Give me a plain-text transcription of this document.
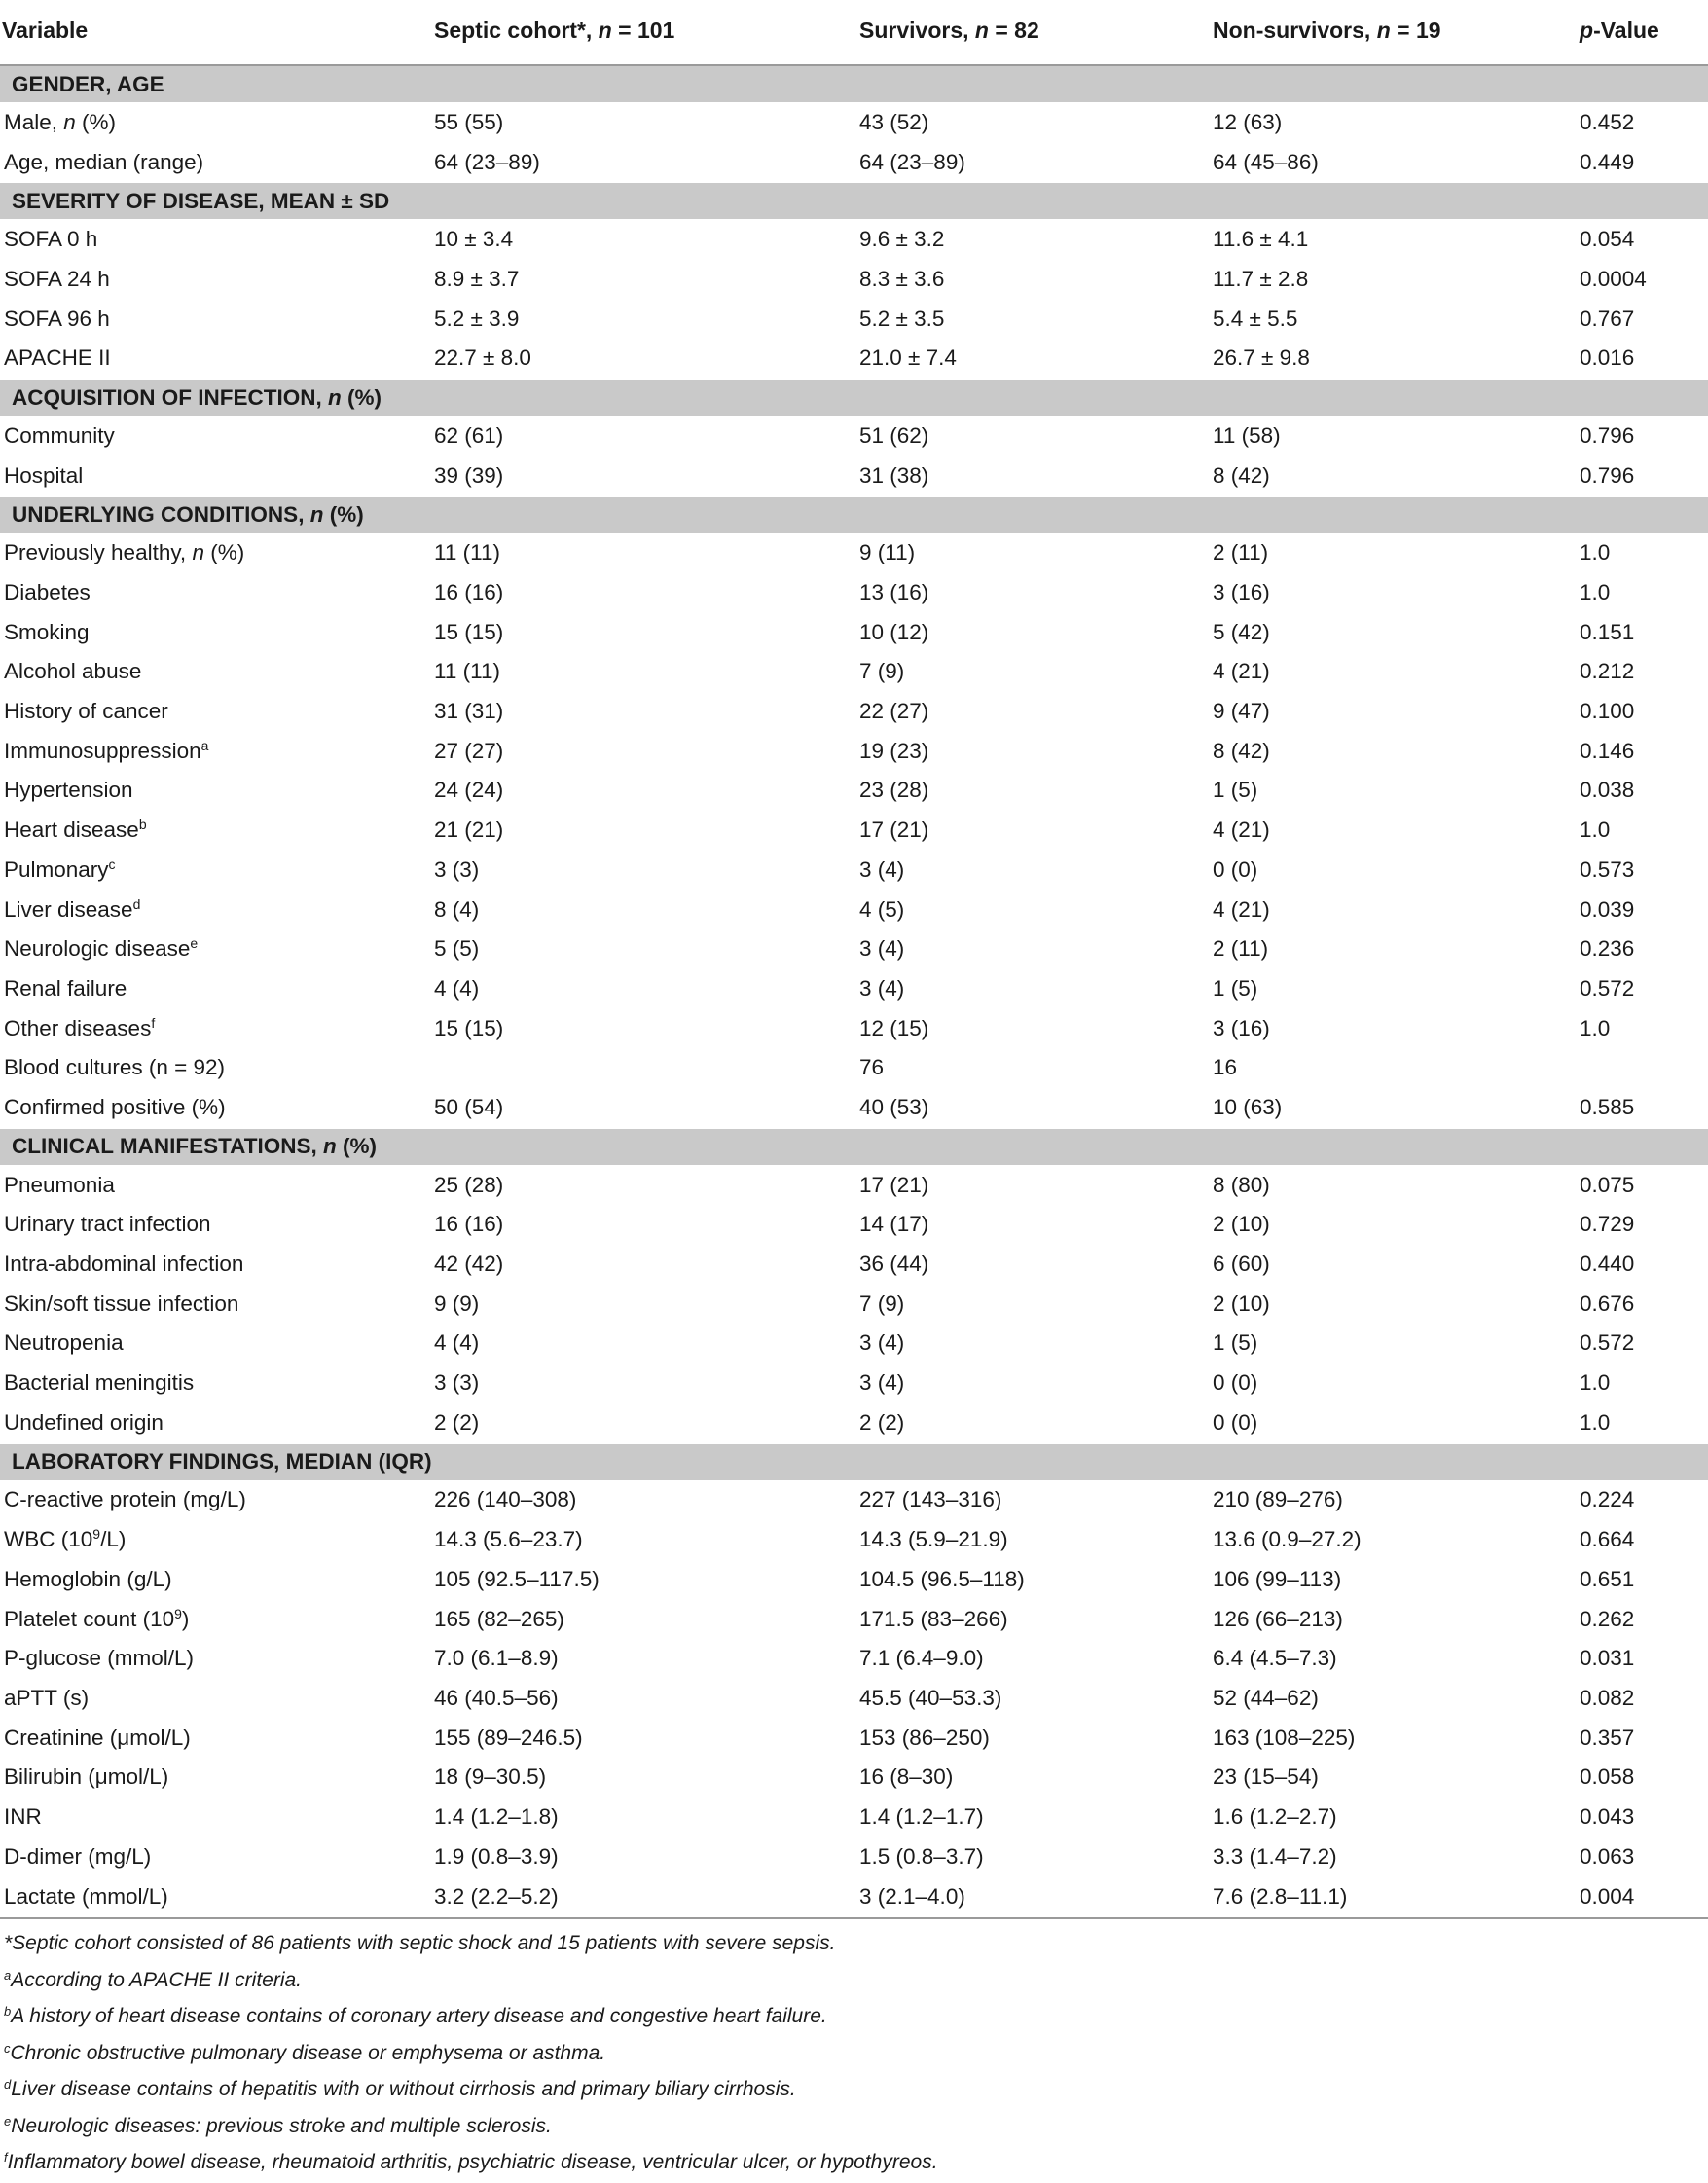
Variable	Septic cohort*, n = 101	Survivors, n = 82	Non-survivors, n = 19	p-Value
GENDER, AGE				
Male, n (%)	55 (55)	43 (52)	12 (63)	0.452
Age, median (range)	64 (23–89)	64 (23–89)	64 (45–86)	0.449
SEVERITY OF DISEASE, MEAN ± SD				
SOFA 0 h	10 ± 3.4	9.6 ± 3.2	11.6 ± 4.1	0.054
SOFA 24 h	8.9 ± 3.7	8.3 ± 3.6	11.7 ± 2.8	0.0004
SOFA 96 h	5.2 ± 3.9	5.2 ± 3.5	5.4 ± 5.5	0.767
APACHE II	22.7 ± 8.0	21.0 ± 7.4	26.7 ± 9.8	0.016
ACQUISITION OF INFECTION, n (%)				
Community	62 (61)	51 (62)	11 (58)	0.796
Hospital	39 (39)	31 (38)	8 (42)	0.796
UNDERLYING CONDITIONS, n (%)				
Previously healthy, n (%)	11 (11)	9 (11)	2 (11)	1.0
Diabetes	16 (16)	13 (16)	3 (16)	1.0
Smoking	15 (15)	10 (12)	5 (42)	0.151
Alcohol abuse	11 (11)	7 (9)	4 (21)	0.212
History of cancer	31 (31)	22 (27)	9 (47)	0.100
Immunosuppression$^a$	27 (27)	19 (23)	8 (42)	0.146
Hypertension	24 (24)	23 (28)	1 (5)	0.038
Heart disease$^b$	21 (21)	17 (21)	4 (21)	1.0
Pulmonary$^c$	3 (3)	3 (4)	0 (0)	0.573
Liver disease$^d$	8 (4)	4 (5)	4 (21)	0.039
Neurologic disease$^e$	5 (5)	3 (4)	2 (11)	0.236
Renal failure	4 (4)	3 (4)	1 (5)	0.572
Other diseases$^f$	15 (15)	12 (15)	3 (16)	1.0
Blood cultures (n = 92)		76	16	
Confirmed positive (%)	50 (54)	40 (53)	10 (63)	0.585
CLINICAL MANIFESTATIONS, n (%)				
Pneumonia	25 (28)	17 (21)	8 (80)	0.075
Urinary tract infection	16 (16)	14 (17)	2 (10)	0.729
Intra-abdominal infection	42 (42)	36 (44)	6 (60)	0.440
Skin/soft tissue infection	9 (9)	7 (9)	2 (10)	0.676
Neutropenia	4 (4)	3 (4)	1 (5)	0.572
Bacterial meningitis	3 (3)	3 (4)	0 (0)	1.0
Undefined origin	2 (2)	2 (2)	0 (0)	1.0
LABORATORY FINDINGS, MEDIAN (IQR)				
C-reactive protein (mg/L)	226 (140–308)	227 (143–316)	210 (89–276)	0.224
WBC $(10^9/L)$	14.3 (5.6–23.7)	14.3 (5.9–21.9)	13.6 (0.9–27.2)	0.664
Hemoglobin (g/L)	105 (92.5–117.5)	104.5 (96.5–118)	106 (99–113)	0.651
Platelet count $(10^9)$	165 (82–265)	171.5 (83–266)	126 (66–213)	0.262
P-glucose (mmol/L)	7.0 (6.1–8.9)	7.1 (6.4–9.0)	6.4 (4.5–7.3)	0.031
aPTT (s)	46 (40.5–56)	45.5 (40–53.3)	52 (44–62)	0.082
Creatinine (μmol/L)	155 (89–246.5)	153 (86–250)	163 (108–225)	0.357
Bilirubin (μmol/L)	18 (9–30.5)	16 (8–30)	23 (15–54)	0.058
INR	1.4 (1.2–1.8)	1.4 (1.2–1.7)	1.6 (1.2–2.7)	0.043
D-dimer (mg/L)	1.9 (0.8–3.9)	1.5 (0.8–3.7)	3.3 (1.4–7.2)	0.063
Lactate (mmol/L)	3.2 (2.2–5.2)	3 (2.1–4.0)	7.6 (2.8–11.1)	0.004

*Septic cohort consisted of 86 patients with septic shock and 15 patients with severe sepsis.

$^a$According to APACHE II criteria.

$^b$A history of heart disease contains of coronary artery disease and congestive heart failure.

$^c$Chronic obstructive pulmonary disease or emphysema or asthma.

$^d$Liver disease contains of hepatitis with or without cirrhosis and primary biliary cirrhosis.

$^e$Neurologic diseases: previous stroke and multiple sclerosis.

$^f$Inflammatory bowel disease, rheumatoid arthritis, psychiatric disease, ventricular ulcer, or hypothyreos.
